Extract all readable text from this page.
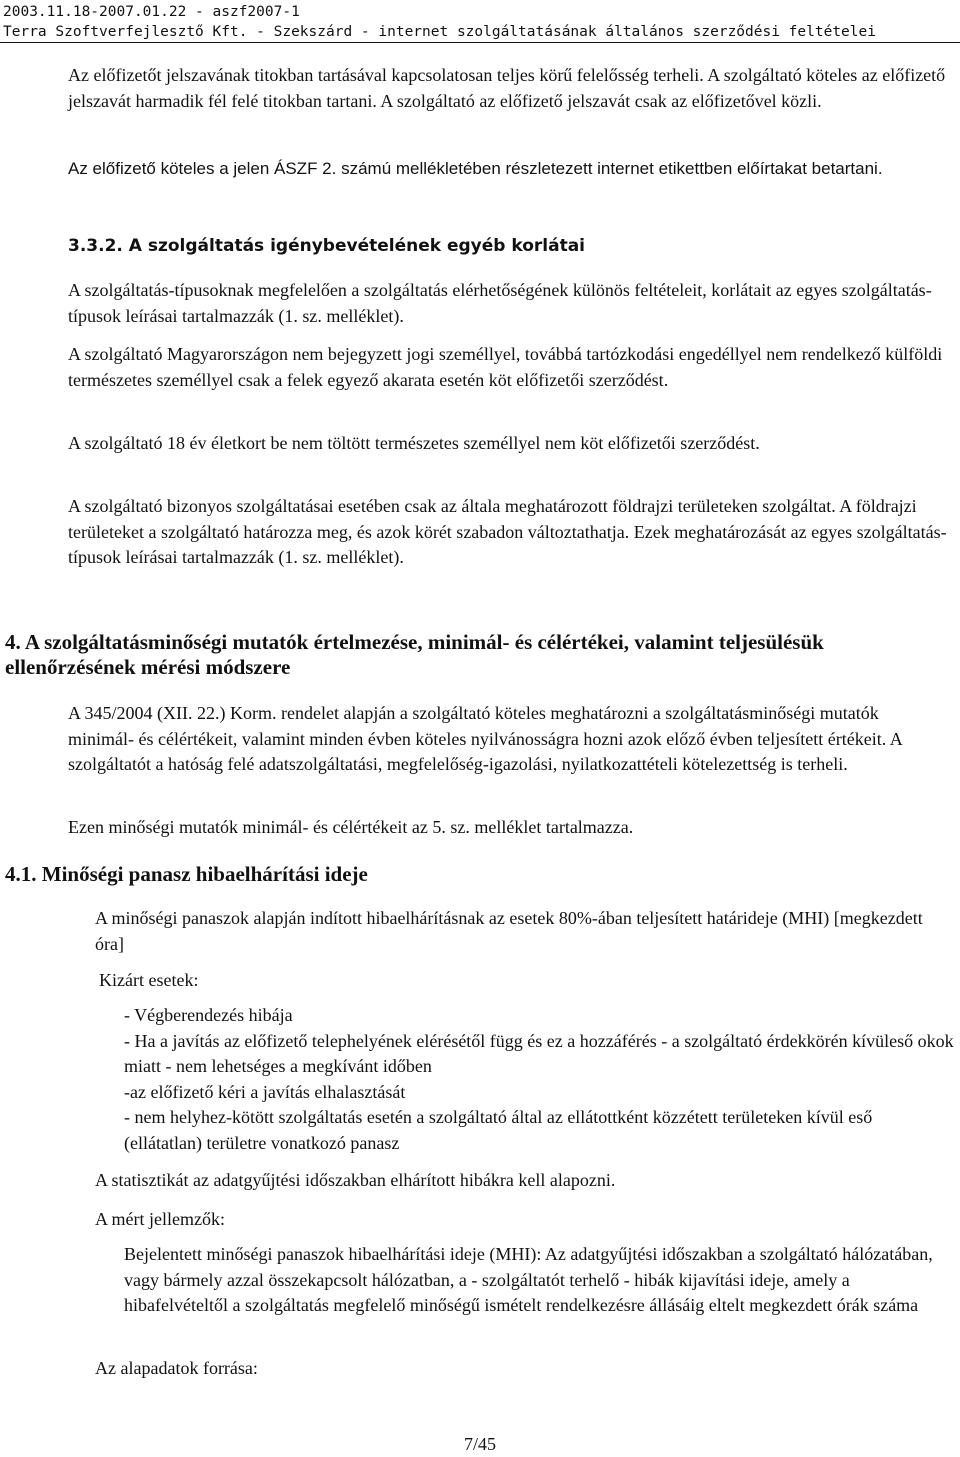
2003.11.18-2007.01.22 - aszf2007-1
Terra Szoftverfejlesztő Kft. - Szekszárd - internet szolgáltatásának általános szerződési feltételei

Az előfizetőt jelszavának titokban tartásával kapcsolatosan teljes körű felelősség terheli. A szolgáltató köteles az előfizető jelszavát harmadik fél felé titokban tartani. A szolgáltató az előfizető jelszavát csak az előfizetővel közli.

Az előfizető köteles a jelen ÁSZF 2. számú mellékletében részletezett internet etikettben előírtakat betartani.

3.3.2. A szolgáltatás igénybevételének egyéb korlátai

A szolgáltatás-típusoknak megfelelően a szolgáltatás elérhetőségének különös feltételeit, korlátait az egyes szolgáltatás-típusok leírásai tartalmazzák (1. sz. melléklet).

A szolgáltató Magyarországon nem bejegyzett jogi személlyel, továbbá tartózkodási engedéllyel nem rendelkező külföldi természetes személlyel csak a felek egyező akarata esetén köt előfizetői szerződést.

A szolgáltató 18 év életkort be nem töltött természetes személlyel nem köt előfizetői szerződést.

A szolgáltató bizonyos szolgáltatásai esetében csak az általa meghatározott földrajzi területeken szolgáltat. A földrajzi területeket a szolgáltató határozza meg, és azok körét szabadon változtathatja. Ezek meghatározását az egyes szolgáltatás-típusok leírásai tartalmazzák (1. sz. melléklet).

4. A szolgáltatásminőségi mutatók értelmezése, minimál- és célértékei, valamint teljesülésük ellenőrzésének mérési módszere

A 345/2004 (XII. 22.) Korm. rendelet alapján a szolgáltató köteles meghatározni a szolgáltatásminőségi mutatók minimál- és célértékeit, valamint minden évben köteles nyilvánosságra hozni azok előző évben teljesített értékeit. A szolgáltatót a hatóság felé adatszolgáltatási, megfelelőség-igazolási, nyilatkozattételi kötelezettség is terheli.

Ezen minőségi mutatók minimál- és célértékeit az 5. sz. melléklet tartalmazza.

4.1. Minőségi panasz hibaelhárítási ideje

A minőségi panaszok alapján indított hibaelhárításnak az esetek 80%-ában teljesített határideje (MHI) [megkezdett óra]

Kizárt esetek:

- Végberendezés hibája
- Ha a javítás az előfizető telephelyének elérésétől függ és ez a hozzáférés - a szolgáltató érdekkörén kívüleső okok miatt - nem lehetséges a megkívánt időben
-az előfizető kéri a javítás elhalasztását
- nem helyhez-kötött szolgáltatás esetén a szolgáltató által az ellátottként közzétett területeken kívül eső (ellátatlan) területre vonatkozó panasz

A statisztikát az adatgyűjtési időszakban elhárított hibákra kell alapozni.

A mért jellemzők:

Bejelentett minőségi panaszok hibaelhárítási ideje (MHI): Az adatgyűjtési időszakban a szolgáltató hálózatában, vagy bármely azzal összekapcsolt hálózatban, a - szolgáltatót terhelő - hibák kijavítási ideje, amely a hibafelvételtől a szolgáltatás megfelelő minőségű ismételt rendelkezésre állásáig eltelt megkezdett órák száma

Az alapadatok forrása:

7/45
